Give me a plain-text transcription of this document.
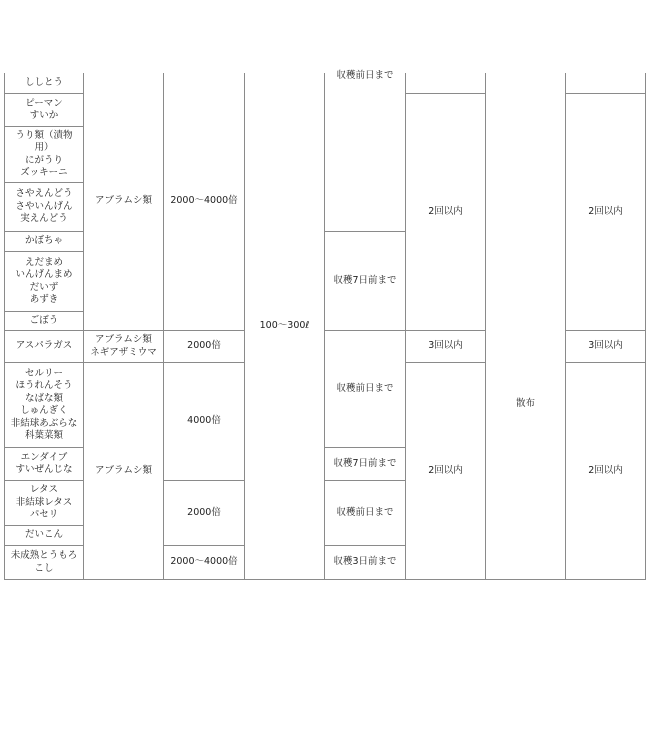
ししとう
ピーマン
すいか
うり類（漬物
用）
にがうり
ズッキーニ
さやえんどう
さやいんげん
実えんどう
かぼちゃ
えだまめ
いんげんまめ
だいず
あずき
ごぼう
アスパラガス
セルリー
ほうれんそう
なばな類
しゅんぎく
非結球あぶらな
科葉菜類
エンダイブ
すいぜんじな
レタス
非結球レタス
パセリ
だいこん
未成熟とうもろ
こし
アブラムシ類
アブラムシ類
ネギアザミウマ
アブラムシ類
2000～4000倍
2000倍
4000倍
2000倍
2000～4000倍
100～300ℓ
収穫前日まで
収穫7日前まで
収穫前日まで
収穫7日前まで
収穫前日まで
収穫3日前まで
2回以内
3回以内
2回以内
散布
2回以内
3回以内
2回以内
